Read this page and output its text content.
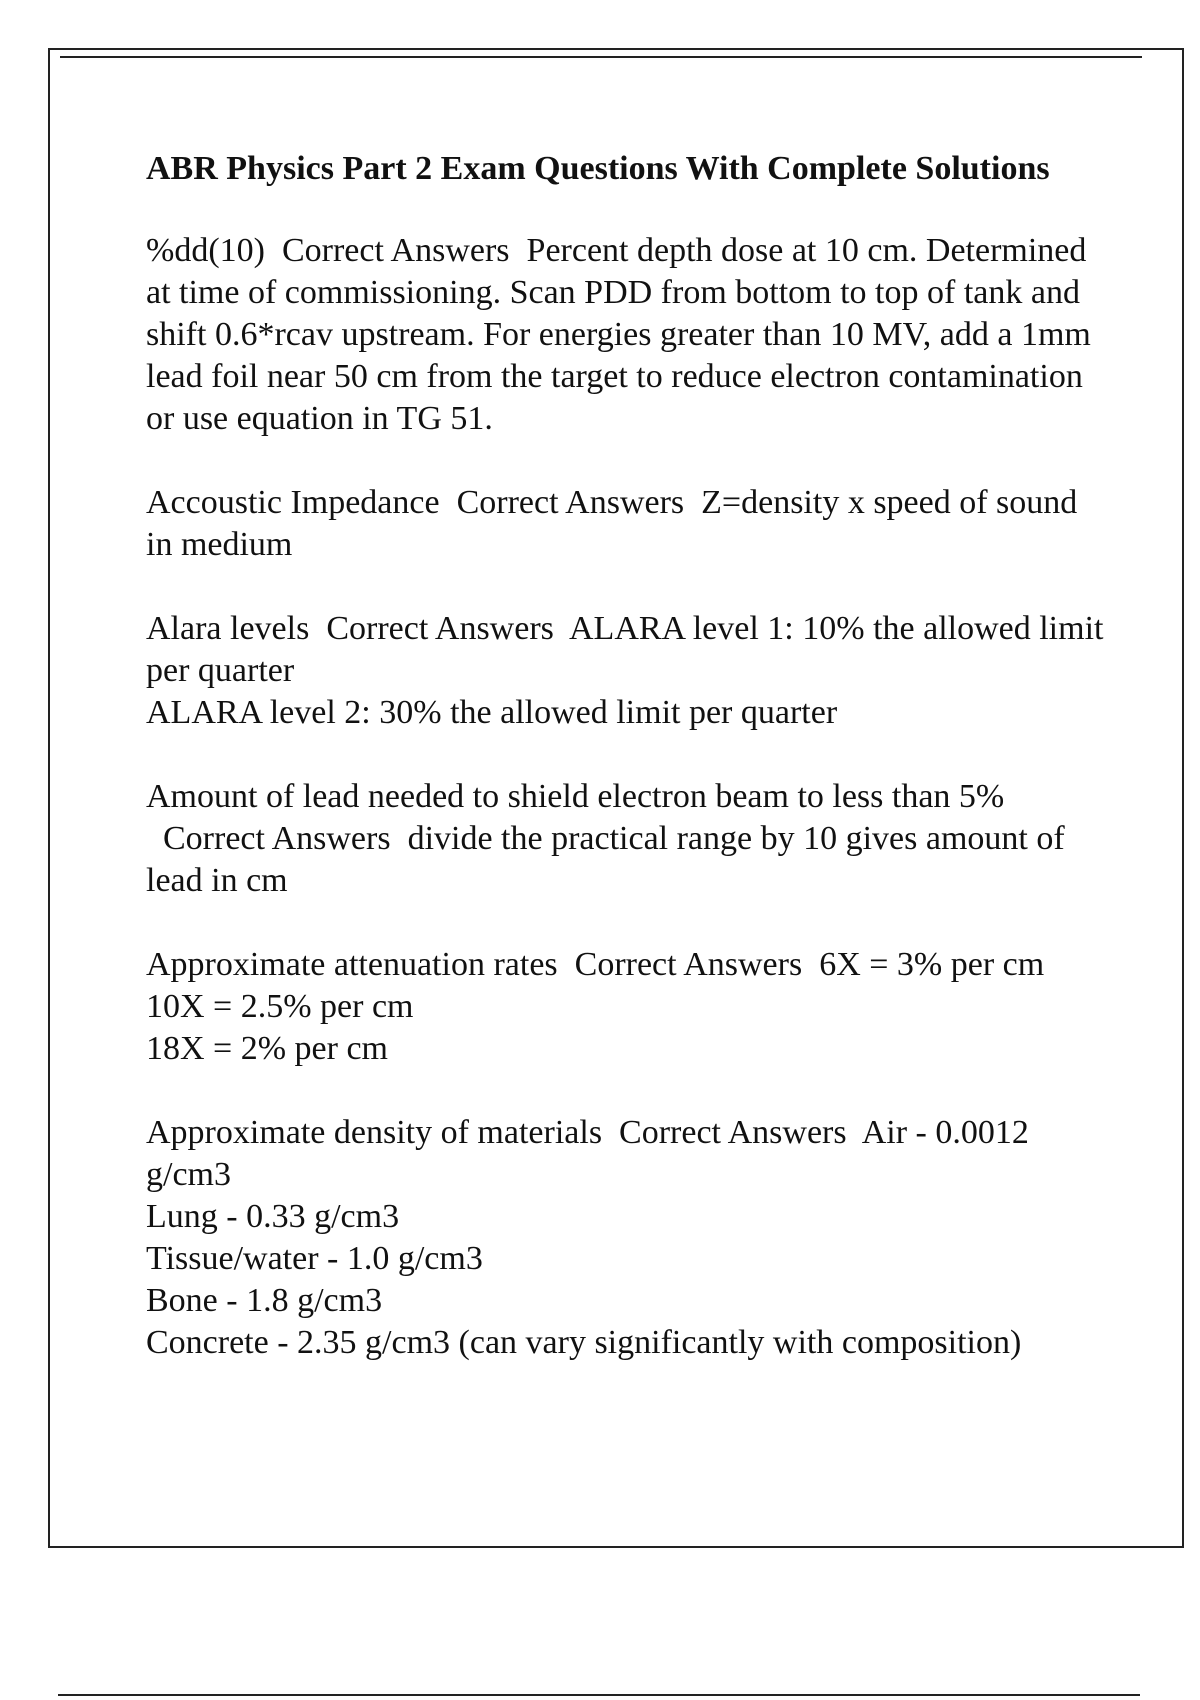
ABR Physics Part 2 Exam Questions With Complete Solutions
%dd(10) Correct Answers Percent depth dose at 10 cm. Determined at time of commissioning. Scan PDD from bottom to top of tank and shift 0.6*rcav upstream. For energies greater than 10 MV, add a 1mm lead foil near 50 cm from the target to reduce electron contamination or use equation in TG 51.
Accoustic Impedance Correct Answers Z=density x speed of sound in medium
Alara levels Correct Answers ALARA level 1: 10% the allowed limit per quarter
ALARA level 2: 30% the allowed limit per quarter
Amount of lead needed to shield electron beam to less than 5%  Correct Answers divide the practical range by 10 gives amount of lead in cm
Approximate attenuation rates Correct Answers 6X = 3% per cm
10X = 2.5% per cm
18X = 2% per cm
Approximate density of materials Correct Answers Air - 0.0012 g/cm3
Lung - 0.33 g/cm3
Tissue/water - 1.0 g/cm3
Bone - 1.8 g/cm3
Concrete - 2.35 g/cm3 (can vary significantly with composition)
